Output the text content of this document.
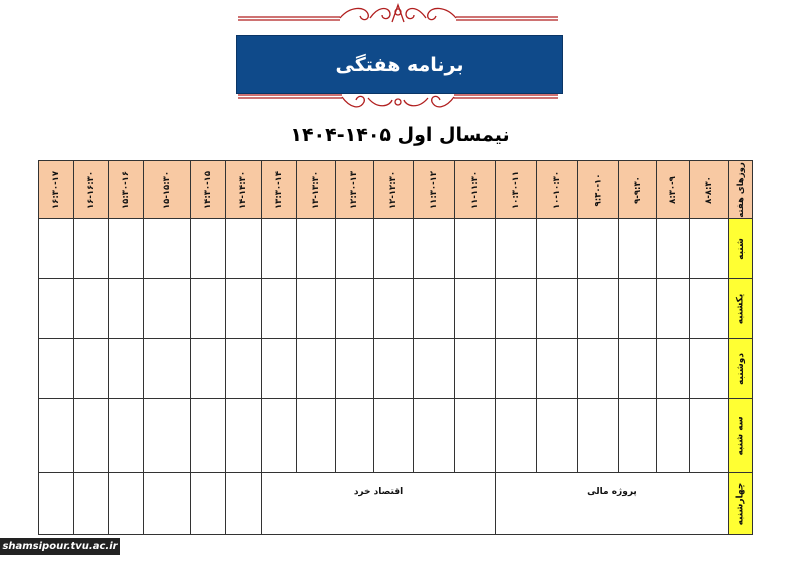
برنامه هفتگی
نیمسال اول ۱۴۰۵-۱۴۰۴
روزهای هفته
۸-۸:۳۰
۸:۳۰-۹
۹-۹:۳۰
۹:۳۰-۱۰
۱۰-۱۰:۳۰
۱۰:۳۰-۱۱
۱۱-۱۱:۳۰
۱۱:۳۰-۱۲
۱۲-۱۲:۳۰
۱۲:۳۰-۱۳
۱۳-۱۳:۳۰
۱۳:۳۰-۱۴
۱۴-۱۴:۳۰
۱۴:۳۰-۱۵
۱۵-۱۵:۳۰
۱۵:۳۰-۱۶
۱۶-۱۶:۳۰
۱۶:۳۰-۱۷
شنبه
یکشنبه
دوشنبه
سه شنبه
چهارشنبه
پروژه مالی
اقتصاد خرد
shamsipour.tvu.ac.ir
